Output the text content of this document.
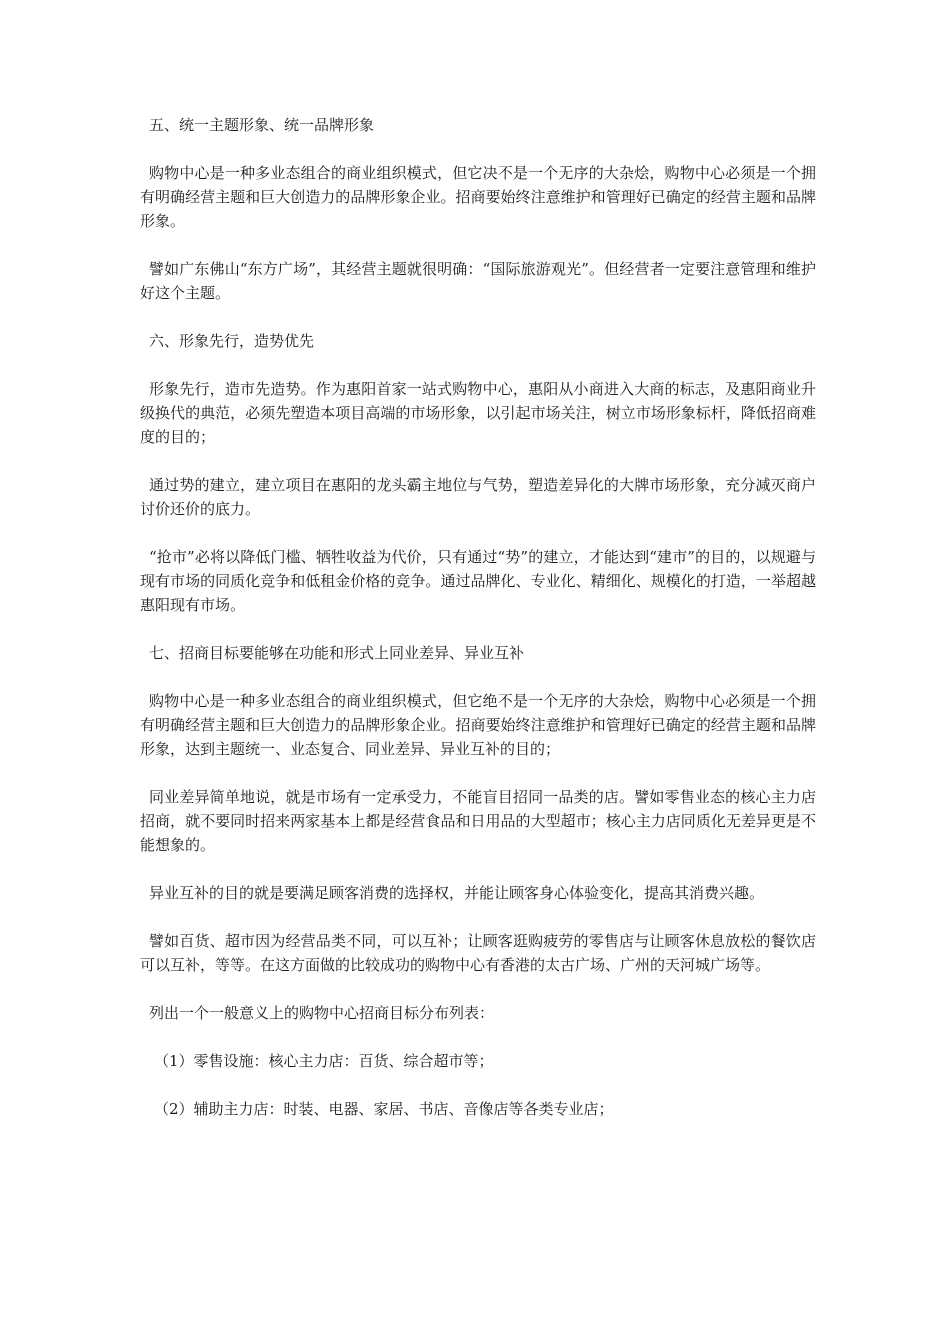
五、统一主题形象、统一品牌形象

购物中心是一种多业态组合的商业组织模式，但它决不是一个无序的大杂烩，购物中心必须是一个拥有明确经营主题和巨大创造力的品牌形象企业。招商要始终注意维护和管理好已确定的经营主题和品牌形象。

譬如广东佛山“东方广场”，其经营主题就很明确：“国际旅游观光”。但经营者一定要注意管理和维护好这个主题。

六、形象先行，造势优先

形象先行，造市先造势。作为惠阳首家一站式购物中心，惠阳从小商进入大商的标志，及惠阳商业升级换代的典范，必须先塑造本项目高端的市场形象，以引起市场关注，树立市场形象标杆，降低招商难度的目的；

通过势的建立，建立项目在惠阳的龙头霸主地位与气势，塑造差异化的大牌市场形象，充分减灭商户讨价还价的底力。

“抢市”必将以降低门槛、牺牲收益为代价，只有通过“势”的建立，才能达到“建市”的目的，以规避与现有市场的同质化竞争和低租金价格的竞争。通过品牌化、专业化、精细化、规模化的打造，一举超越惠阳现有市场。

七、招商目标要能够在功能和形式上同业差异、异业互补

购物中心是一种多业态组合的商业组织模式，但它绝不是一个无序的大杂烩，购物中心必须是一个拥有明确经营主题和巨大创造力的品牌形象企业。招商要始终注意维护和管理好已确定的经营主题和品牌形象，达到主题统一、业态复合、同业差异、异业互补的目的；

同业差异简单地说，就是市场有一定承受力，不能盲目招同一品类的店。譬如零售业态的核心主力店招商，就不要同时招来两家基本上都是经营食品和日用品的大型超市；核心主力店同质化无差异更是不能想象的。

异业互补的目的就是要满足顾客消费的选择权，并能让顾客身心体验变化，提高其消费兴趣。

譬如百货、超市因为经营品类不同，可以互补；让顾客逛购疲劳的零售店与让顾客休息放松的餐饮店可以互补，等等。在这方面做的比较成功的购物中心有香港的太古广场、广州的天河城广场等。

列出一个一般意义上的购物中心招商目标分布列表：

（1）零售设施：核心主力店：百货、综合超市等；

（2）辅助主力店：时装、电器、家居、书店、音像店等各类专业店；
